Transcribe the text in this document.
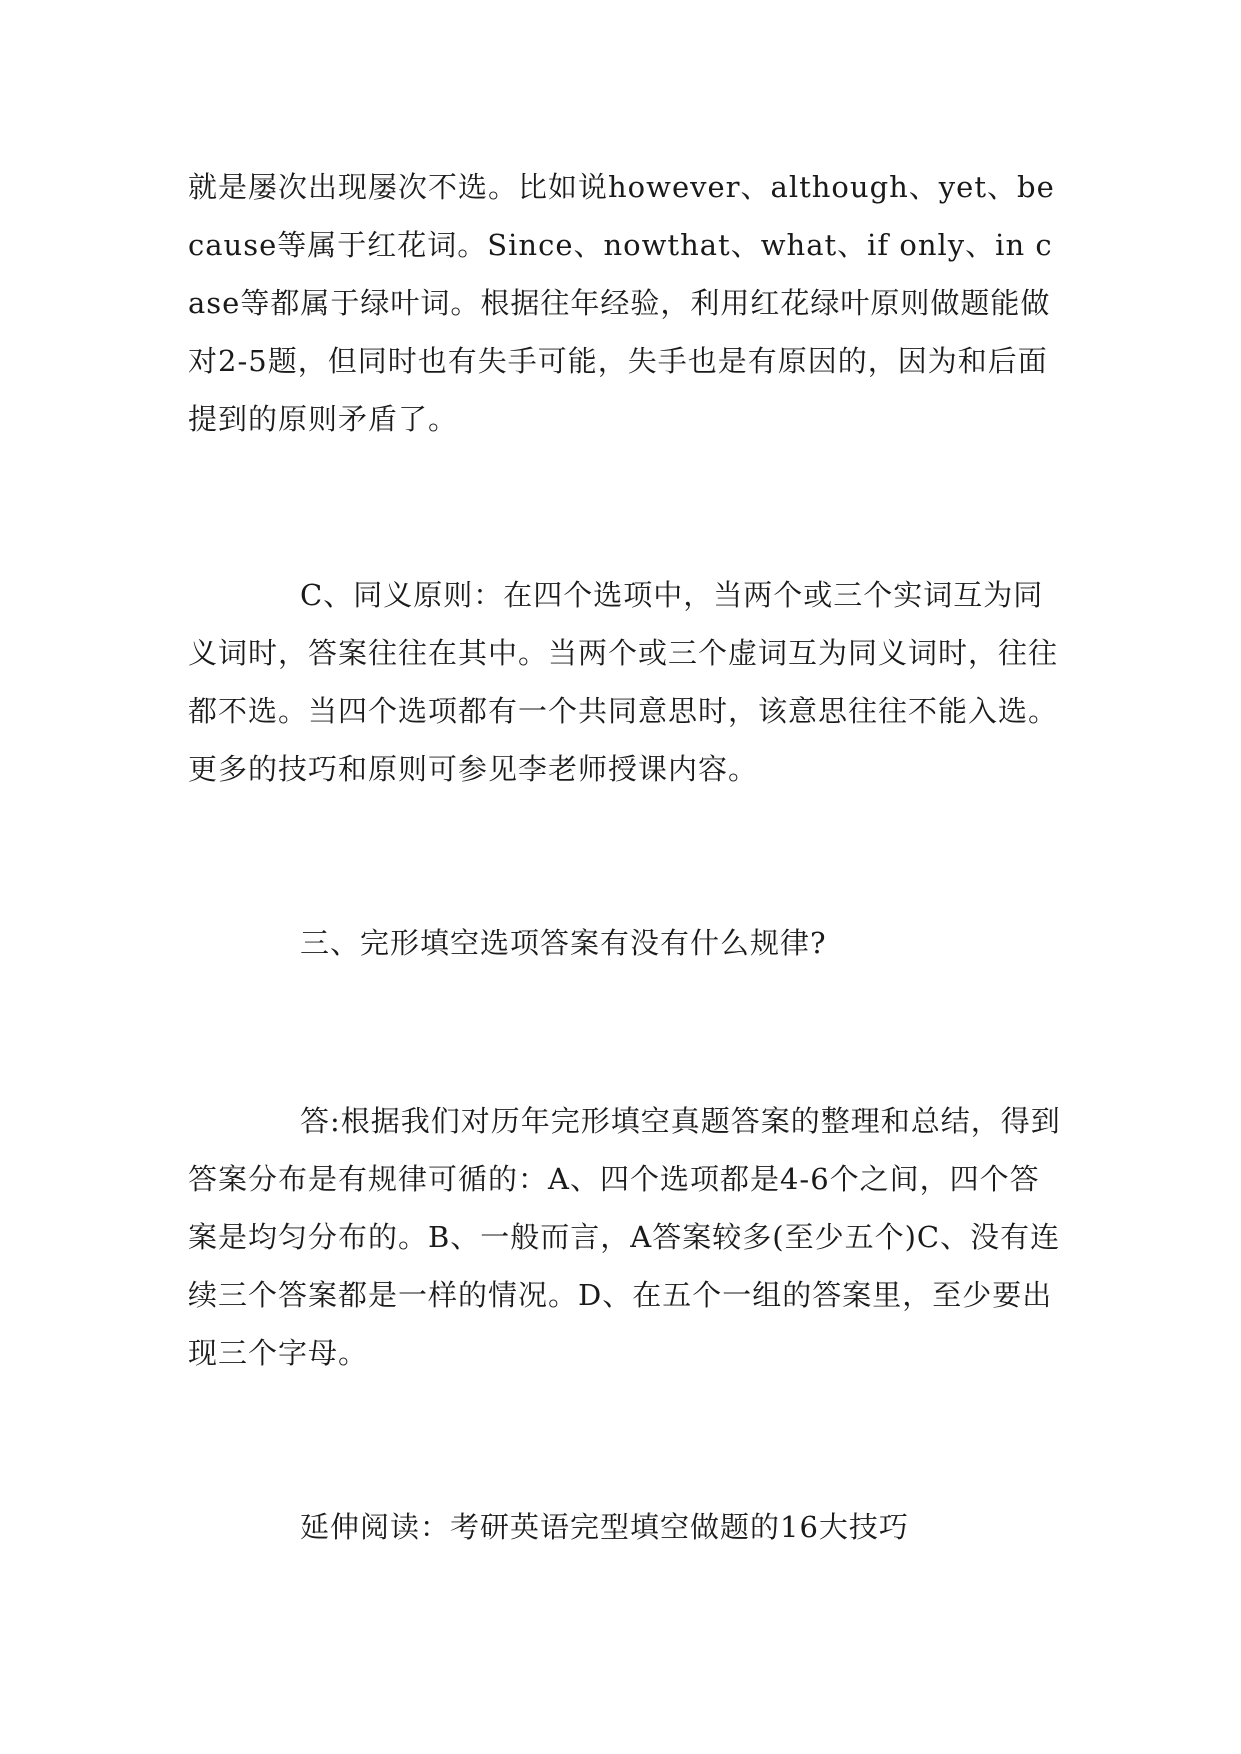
就是屡次出现屡次不选。比如说however、although、yet、because等属于红花词。Since、nowthat、what、if only、in case等都属于绿叶词。根据往年经验，利用红花绿叶原则做题能做对2-5题，但同时也有失手可能，失手也是有原因的，因为和后面提到的原则矛盾了。

C、同义原则：在四个选项中，当两个或三个实词互为同义词时，答案往往在其中。当两个或三个虚词互为同义词时，往往都不选。当四个选项都有一个共同意思时，该意思往往不能入选。更多的技巧和原则可参见李老师授课内容。

三、完形填空选项答案有没有什么规律?

答:根据我们对历年完形填空真题答案的整理和总结，得到答案分布是有规律可循的：A、四个选项都是4-6个之间，四个答案是均匀分布的。B、一般而言，A答案较多(至少五个)C、没有连续三个答案都是一样的情况。D、在五个一组的答案里，至少要出现三个字母。

延伸阅读：考研英语完型填空做题的16大技巧
